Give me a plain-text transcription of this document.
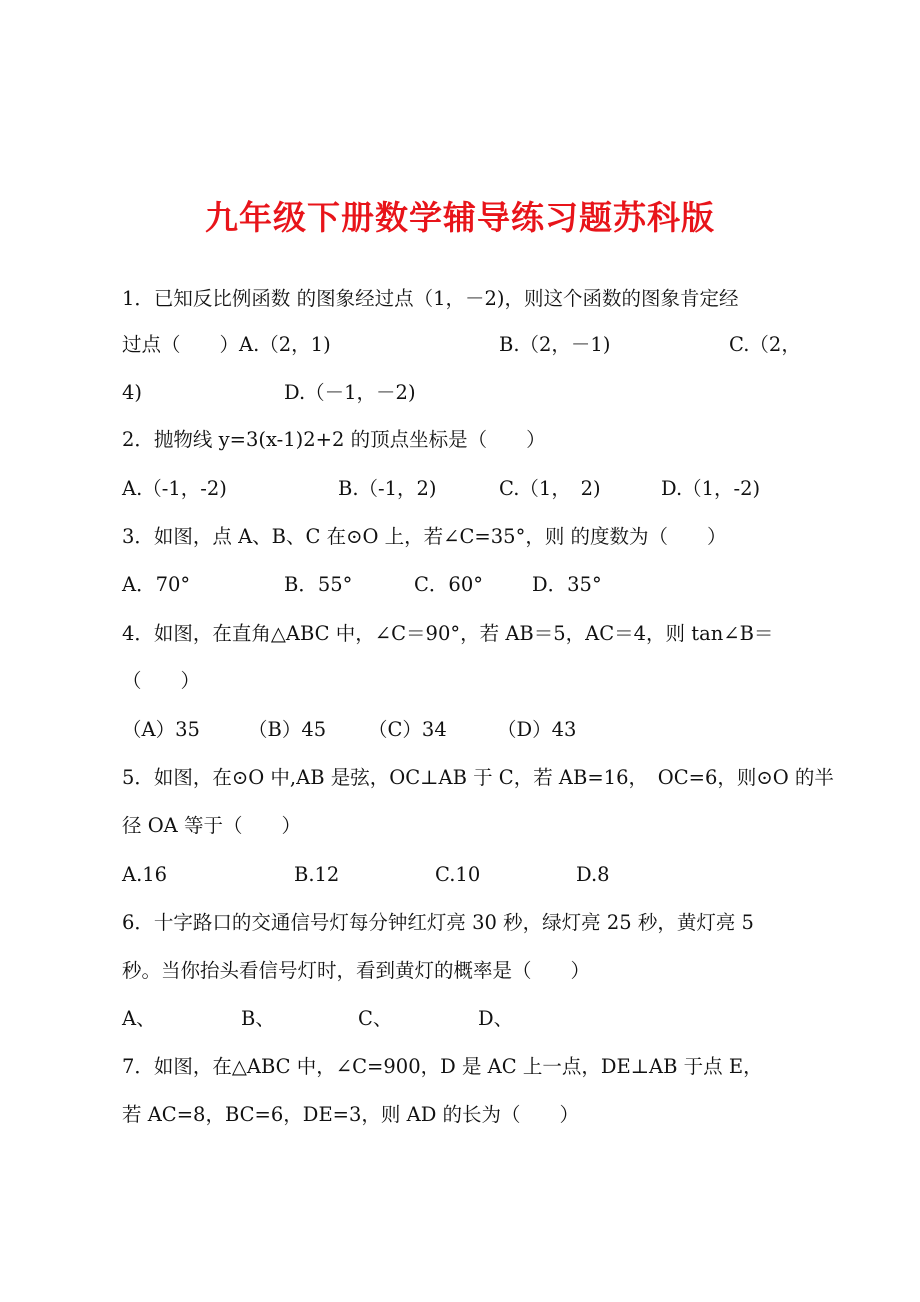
九年级下册数学辅导练习题苏科版
1．已知反比例函数 的图象经过点（1，－2)，则这个函数的图象肯定经
过点（　　）A.（2，1)	B.（2，－1)	C.（2，
4)	D.（－1，－2)
2．抛物线 y=3(x-1)2+2 的顶点坐标是（　　）
A.（-1，-2)	B.（-1，2)	C.（1，　2)	D.（1，-2)
3．如图，点 A、B、C 在⊙O 上，若∠C=35°，则 的度数为（　　）
A．70°	B．55°	C．60°	D．35°
4．如图，在直角△ABC 中，∠C＝90°，若 AB＝5，AC＝4，则 tan∠B＝
（　　）
（A）35 （B）45 （C）34	（D）43
5．如图，在⊙O 中,AB 是弦，OC⊥AB 于 C，若 AB=16，　OC=6，则⊙O 的半
径 OA 等于（　　）
A.16	B.12	C.10	D.8
6．十字路口的交通信号灯每分钟红灯亮 30 秒，绿灯亮 25 秒，黄灯亮 5
秒。当你抬头看信号灯时，看到黄灯的概率是（　　）
A、	B、	C、	D、
7．如图，在△ABC 中，∠C=900，D 是 AC 上一点，DE⊥AB 于点 E，
若 AC=8，BC=6，DE=3，则 AD 的长为（　　）
